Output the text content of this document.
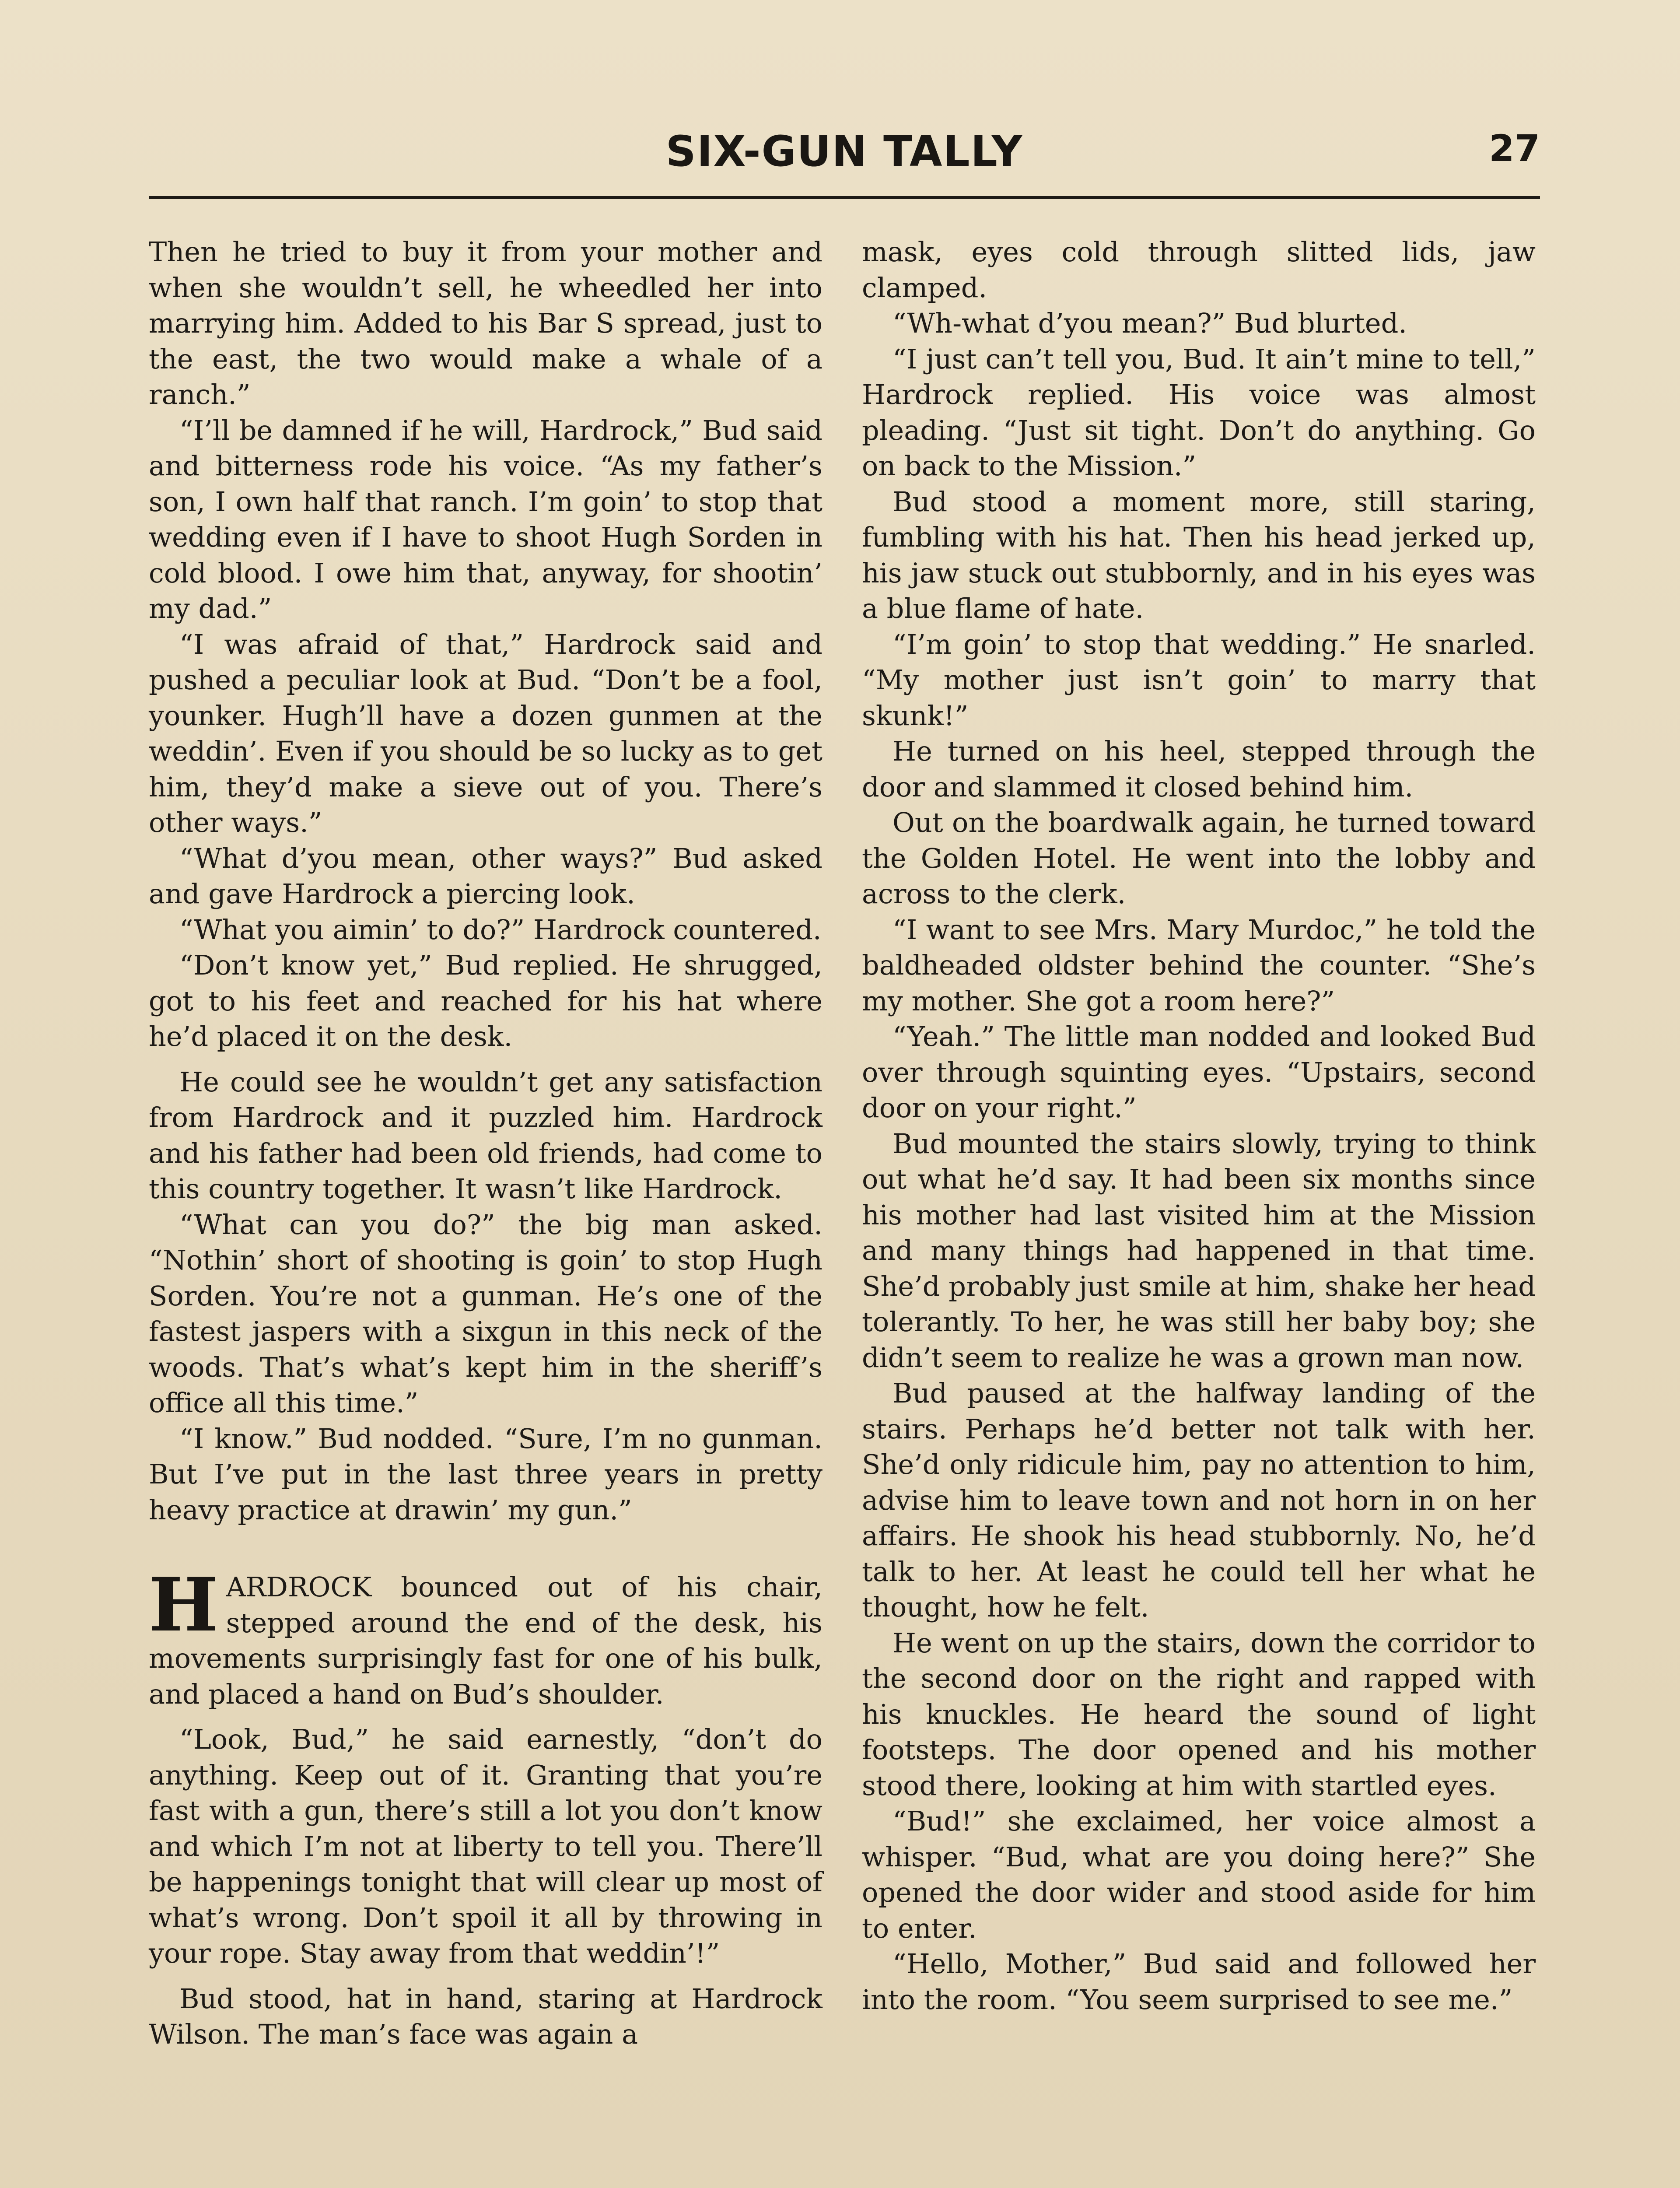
SIX-GUN TALLY	27

Then he tried to buy it from your mother and when she wouldn’t sell, he wheedled her into marrying him. Added to his Bar S spread, just to the east, the two would make a whale of a ranch.”

“I’ll be damned if he will, Hardrock,” Bud said and bitterness rode his voice. “As my father’s son, I own half that ranch. I’m goin’ to stop that wedding even if I have to shoot Hugh Sorden in cold blood. I owe him that, anyway, for shootin’ my dad.”

“I was afraid of that,” Hardrock said and pushed a peculiar look at Bud. “Don’t be a fool, younker. Hugh’ll have a dozen gunmen at the weddin’. Even if you should be so lucky as to get him, they’d make a sieve out of you. There’s other ways.”

“What d’you mean, other ways?” Bud asked and gave Hardrock a piercing look.

“What you aimin’ to do?” Hardrock countered.

“Don’t know yet,” Bud replied. He shrugged, got to his feet and reached for his hat where he’d placed it on the desk.

He could see he wouldn’t get any satisfaction from Hardrock and it puzzled him. Hardrock and his father had been old friends, had come to this country together. It wasn’t like Hardrock.

“What can you do?” the big man asked. “Nothin’ short of shooting is goin’ to stop Hugh Sorden. You’re not a gunman. He’s one of the fastest jaspers with a sixgun in this neck of the woods. That’s what’s kept him in the sheriff’s office all this time.”

“I know.” Bud nodded. “Sure, I’m no gunman. But I’ve put in the last three years in pretty heavy practice at drawin’ my gun.”

HARDROCK bounced out of his chair, stepped around the end of the desk, his movements surprisingly fast for one of his bulk, and placed a hand on Bud’s shoulder.

“Look, Bud,” he said earnestly, “don’t do anything. Keep out of it. Granting that you’re fast with a gun, there’s still a lot you don’t know and which I’m not at liberty to tell you. There’ll be happenings tonight that will clear up most of what’s wrong. Don’t spoil it all by throwing in your rope. Stay away from that weddin’!”

Bud stood, hat in hand, staring at Hardrock Wilson. The man’s face was again a

mask, eyes cold through slitted lids, jaw clamped.

“Wh-what d’you mean?” Bud blurted.

“I just can’t tell you, Bud. It ain’t mine to tell,” Hardrock replied. His voice was almost pleading. “Just sit tight. Don’t do anything. Go on back to the Mission.”

Bud stood a moment more, still staring, fumbling with his hat. Then his head jerked up, his jaw stuck out stubbornly, and in his eyes was a blue flame of hate.

“I’m goin’ to stop that wedding.” He snarled. “My mother just isn’t goin’ to marry that skunk!”

He turned on his heel, stepped through the door and slammed it closed behind him.

Out on the boardwalk again, he turned toward the Golden Hotel. He went into the lobby and across to the clerk.

“I want to see Mrs. Mary Murdoc,” he told the baldheaded oldster behind the counter. “She’s my mother. She got a room here?”

“Yeah.” The little man nodded and looked Bud over through squinting eyes. “Upstairs, second door on your right.”

Bud mounted the stairs slowly, trying to think out what he’d say. It had been six months since his mother had last visited him at the Mission and many things had happened in that time. She’d probably just smile at him, shake her head tolerantly. To her, he was still her baby boy; she didn’t seem to realize he was a grown man now.

Bud paused at the halfway landing of the stairs. Perhaps he’d better not talk with her. She’d only ridicule him, pay no attention to him, advise him to leave town and not horn in on her affairs. He shook his head stubbornly. No, he’d talk to her. At least he could tell her what he thought, how he felt.

He went on up the stairs, down the corridor to the second door on the right and rapped with his knuckles. He heard the sound of light footsteps. The door opened and his mother stood there, looking at him with startled eyes.

“Bud!” she exclaimed, her voice almost a whisper. “Bud, what are you doing here?” She opened the door wider and stood aside for him to enter.

“Hello, Mother,” Bud said and followed her into the room. “You seem surprised to see me.”
